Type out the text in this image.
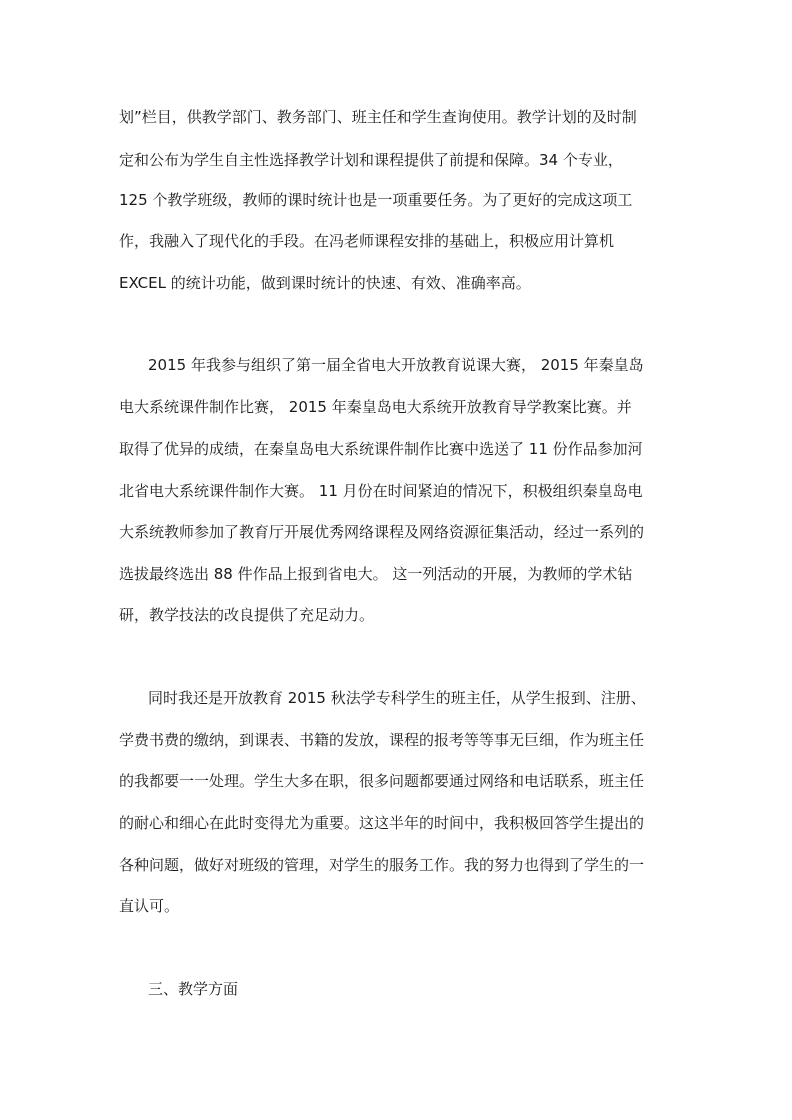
划”栏目，供教学部门、教务部门、班主任和学生查询使用。教学计划的及时制
定和公布为学生自主性选择教学计划和课程提供了前提和保障。34 个专业，
125 个教学班级，教师的课时统计也是一项重要任务。为了更好的完成这项工
作，我融入了现代化的手段。在冯老师课程安排的基础上，积极应用计算机
EXCEL 的统计功能，做到课时统计的快速、有效、准确率高。
2015 年我参与组织了第一届全省电大开放教育说课大赛， 2015 年秦皇岛
电大系统课件制作比赛， 2015 年秦皇岛电大系统开放教育导学教案比赛。并
取得了优异的成绩，在秦皇岛电大系统课件制作比赛中选送了 11 份作品参加河
北省电大系统课件制作大赛。 11 月份在时间紧迫的情况下，积极组织秦皇岛电
大系统教师参加了教育厅开展优秀网络课程及网络资源征集活动，经过一系列的
选拔最终选出 88 件作品上报到省电大。 这一列活动的开展，为教师的学术钻
研，教学技法的改良提供了充足动力。
同时我还是开放教育 2015 秋法学专科学生的班主任，从学生报到、注册、
学费书费的缴纳，到课表、书籍的发放，课程的报考等等事无巨细，作为班主任
的我都要一一处理。学生大多在职，很多问题都要通过网络和电话联系，班主任
的耐心和细心在此时变得尤为重要。这这半年的时间中，我积极回答学生提出的
各种问题，做好对班级的管理，对学生的服务工作。我的努力也得到了学生的一
直认可。
三、教学方面
